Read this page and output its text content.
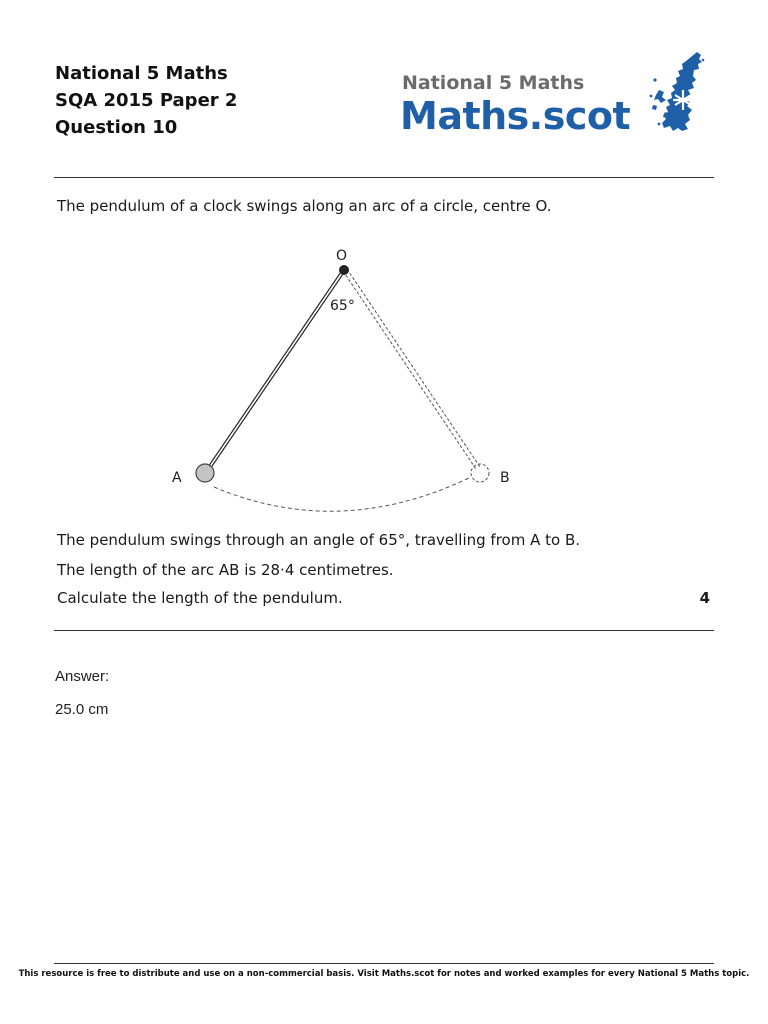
National 5 Maths
SQA 2015 Paper 2
Question 10
National 5 Maths
Maths.scot
The pendulum of a clock swings along an arc of a circle, centre O.
O
65°
A	B
The pendulum swings through an angle of 65°, travelling from A to B.
The length of the arc AB is 28·4 centimetres.
Calculate the length of the pendulum.	4
Answer:
25.0 cm
This resource is free to distribute and use on a non-commercial basis. Visit Maths.scot for notes and worked examples for every National 5 Maths topic.
